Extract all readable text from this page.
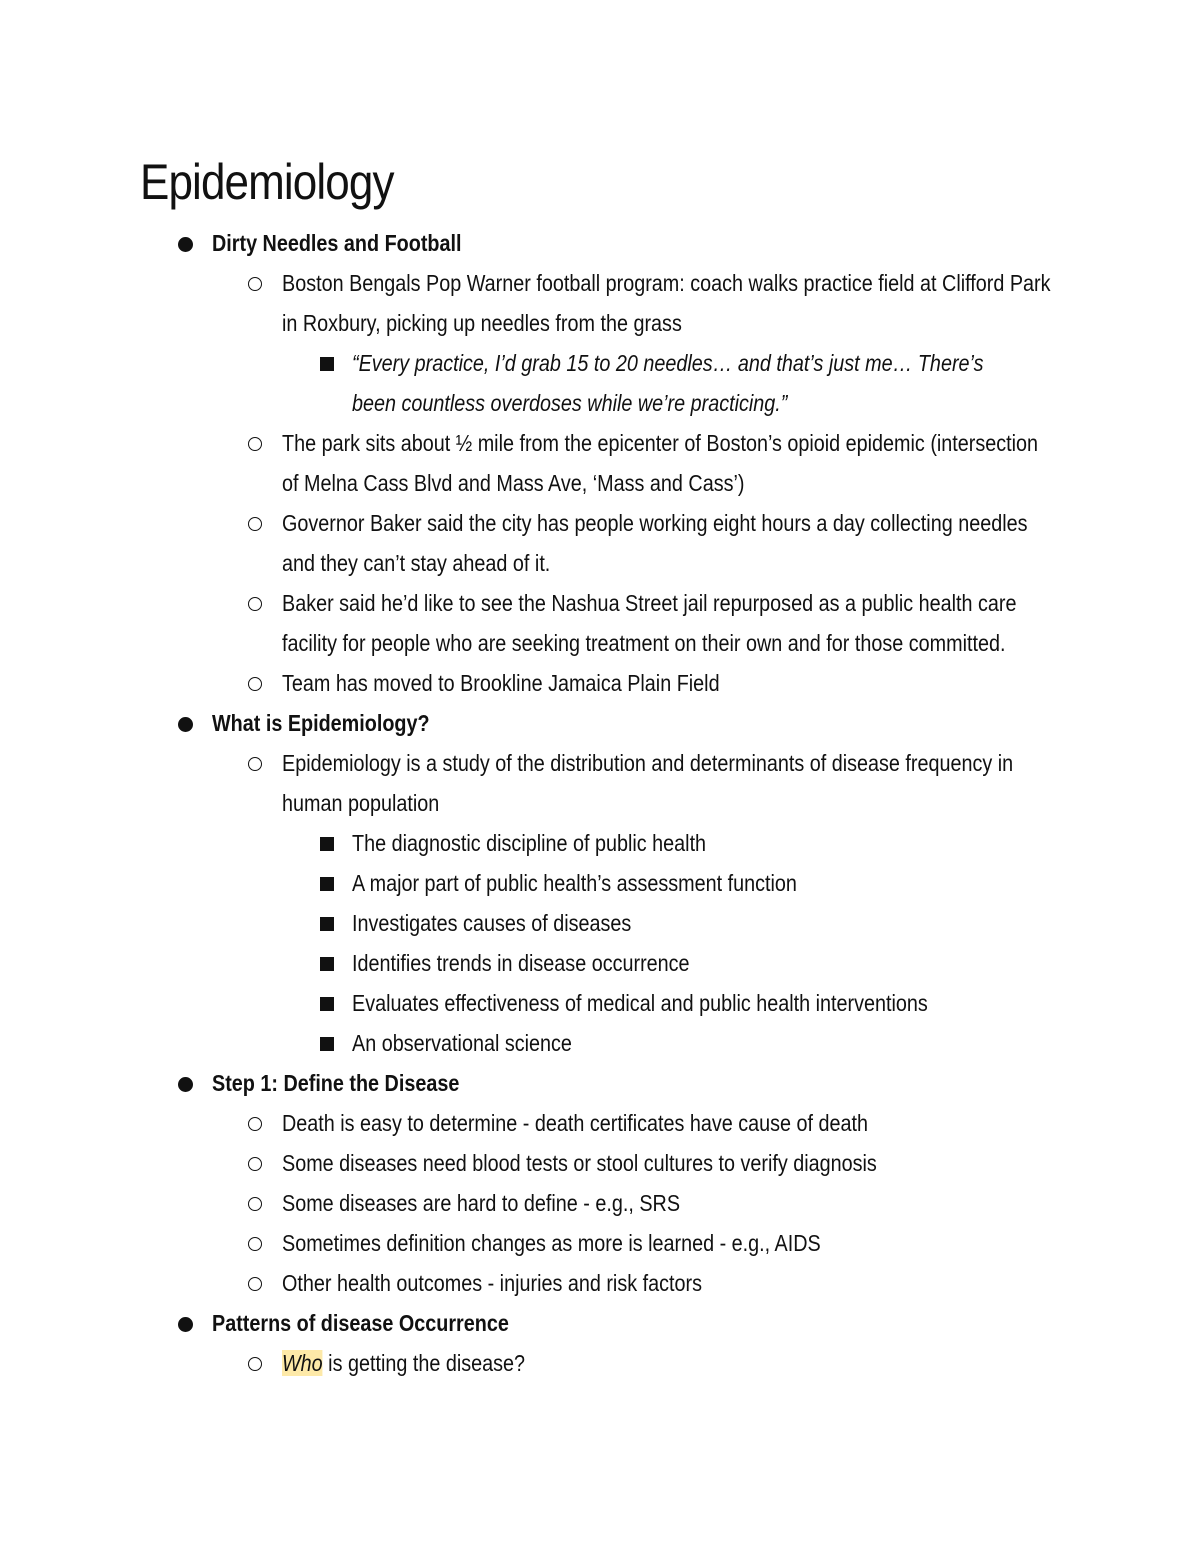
Epidemiology
Dirty Needles and Football
Boston Bengals Pop Warner football program: coach walks practice field at Clifford Park in Roxbury, picking up needles from the grass
“Every practice, I’d grab 15 to 20 needles… and that’s just me… There’s been countless overdoses while we’re practicing.”
The park sits about ½ mile from the epicenter of Boston’s opioid epidemic (intersection of Melna Cass Blvd and Mass Ave, ‘Mass and Cass’)
Governor Baker said the city has people working eight hours a day collecting needles and they can’t stay ahead of it.
Baker said he’d like to see the Nashua Street jail repurposed as a public health care facility for people who are seeking treatment on their own and for those committed.
Team has moved to Brookline Jamaica Plain Field
What is Epidemiology?
Epidemiology is a study of the distribution and determinants of disease frequency in human population
The diagnostic discipline of public health
A major part of public health’s assessment function
Investigates causes of diseases
Identifies trends in disease occurrence
Evaluates effectiveness of medical and public health interventions
An observational science
Step 1: Define the Disease
Death is easy to determine - death certificates have cause of death
Some diseases need blood tests or stool cultures to verify diagnosis
Some diseases are hard to define - e.g., SRS
Sometimes definition changes as more is learned - e.g., AIDS
Other health outcomes - injuries and risk factors
Patterns of disease Occurrence
Who is getting the disease?
